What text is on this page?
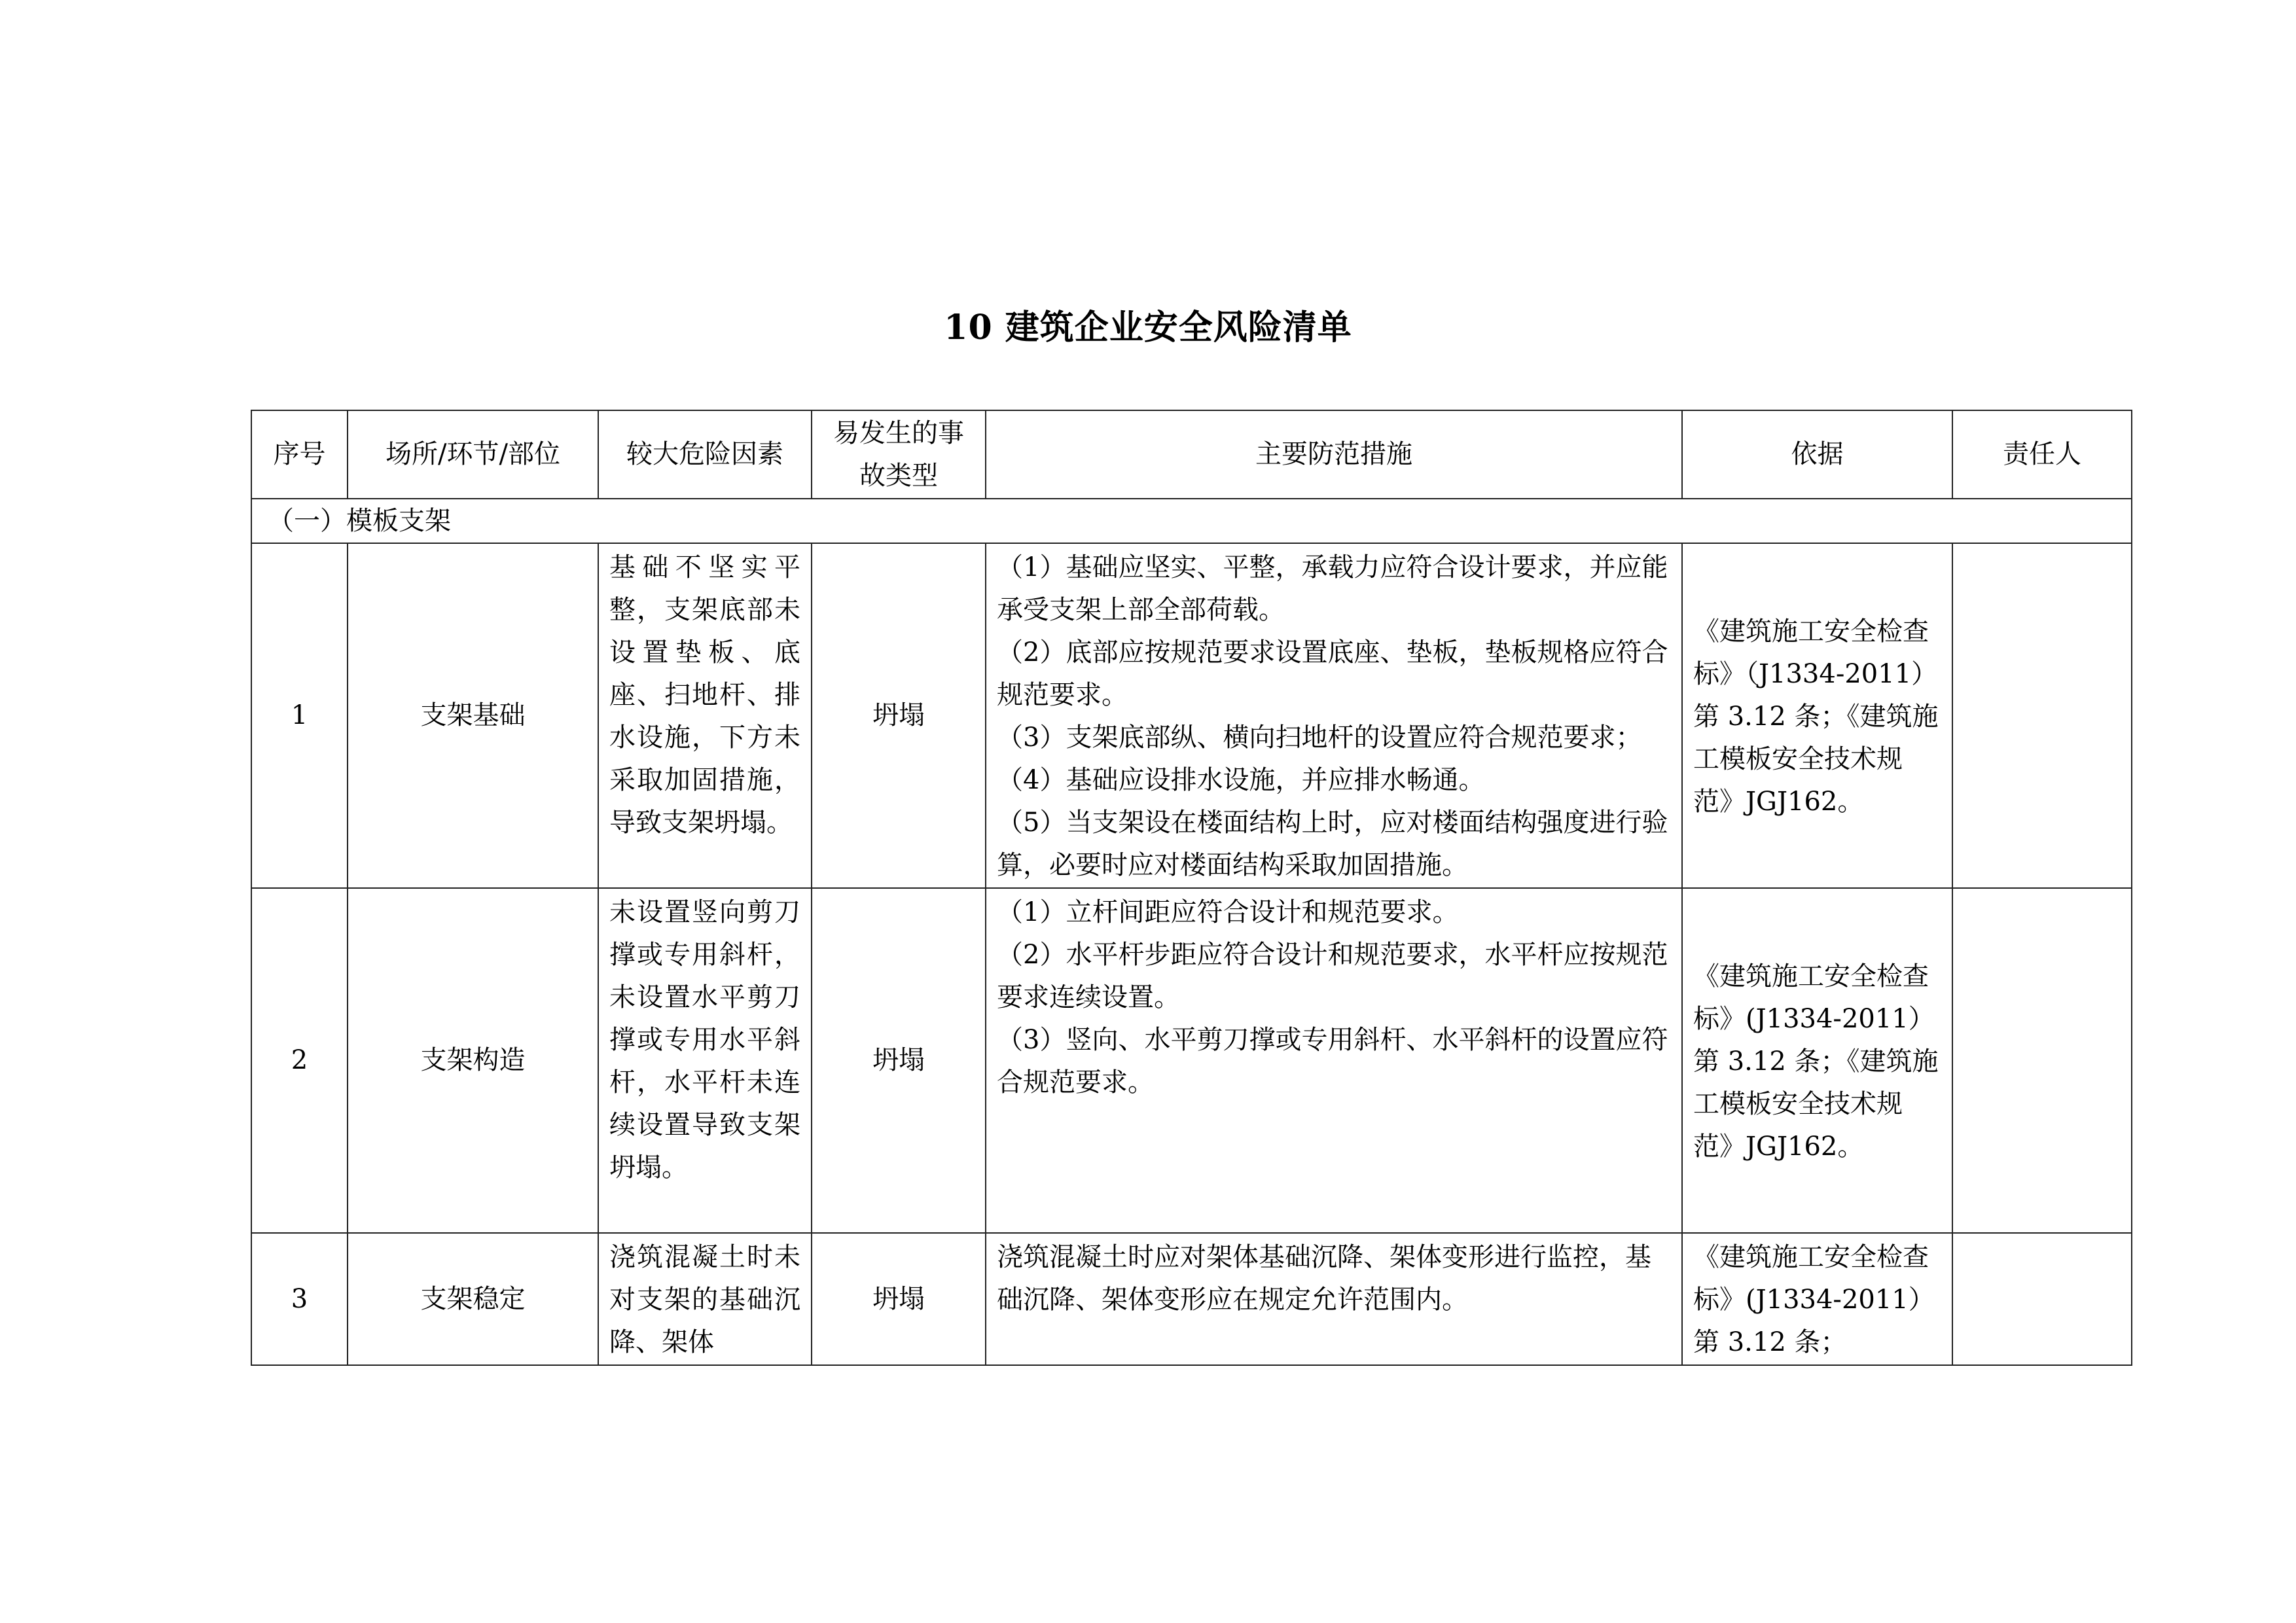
10 建筑企业安全风险清单
序号	场所/环节/部位	较大危险因素	易发生的事
故类型	主要防范措施	依据	责任人
（一）模板支架						
1	支架基础	基础不坚实平整，支架底部未设置垫板、底座、扫地杆、排水设施，下方未采取加固措施，导致支架坍塌。	坍塌	（1）基础应坚实、平整，承载力应符合设计要求，并应能承受支架上部全部荷载。
（2）底部应按规范要求设置底座、垫板，垫板规格应符合规范要求。
（3）支架底部纵、横向扫地杆的设置应符合规范要求；
（4）基础应设排水设施，并应排水畅通。
（5）当支架设在楼面结构上时，应对楼面结构强度进行验算，必要时应对楼面结构采取加固措施。	《建筑施工安全检查标》（J1334-2011）第 3.12 条；《建筑施工模板安全技术规范》JGJ162。	
2	支架构造	未设置竖向剪刀撑或专用斜杆，未设置水平剪刀撑或专用水平斜杆，水平杆未连续设置导致支架坍塌。	坍塌	（1）立杆间距应符合设计和规范要求。
（2）水平杆步距应符合设计和规范要求，水平杆应按规范要求连续设置。
（3）竖向、水平剪刀撑或专用斜杆、水平斜杆的设置应符合规范要求。	《建筑施工安全检查标》(J1334-2011）第 3.12 条；《建筑施工模板安全技术规范》JGJ162。	
3	支架稳定	浇筑混凝土时未对支架的基础沉降、架体	坍塌	浇筑混凝土时应对架体基础沉降、架体变形进行监控，基础沉降、架体变形应在规定允许范围内。	《建筑施工安全检查标》(J1334-2011）第 3.12 条；	
